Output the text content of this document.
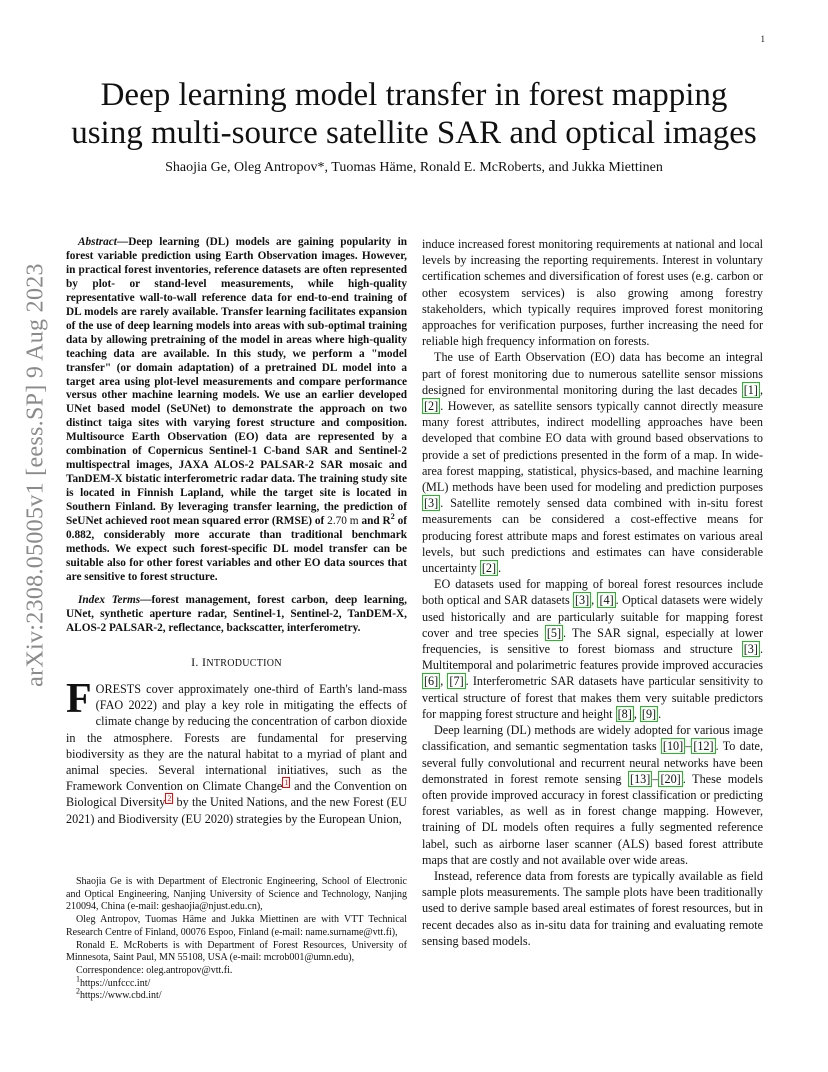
1
arXiv:2308.05005v1 [eess.SP] 9 Aug 2023
Deep learning model transfer in forest mapping
using multi-source satellite SAR and optical images
Shaojia Ge, Oleg Antropov*, Tuomas Häme, Ronald E. McRoberts, and Jukka Miettinen

Abstract—Deep learning (DL) models are gaining popularity in forest variable prediction using Earth Observation images. However, in practical forest inventories, reference datasets are often represented by plot- or stand-level measurements, while high-quality representative wall-to-wall reference data for end-to-end training of DL models are rarely available. Transfer learning facilitates expansion of the use of deep learning models into areas with sub-optimal training data by allowing pretraining of the model in areas where high-quality teaching data are available. In this study, we perform a "model transfer" (or domain adaptation) of a pretrained DL model into a target area using plot-level measurements and compare performance versus other machine learning models. We use an earlier developed UNet based model (SeUNet) to demonstrate the approach on two distinct taiga sites with varying forest structure and composition. Multisource Earth Observation (EO) data are represented by a combination of Copernicus Sentinel-1 C-band SAR and Sentinel-2 multispectral images, JAXA ALOS-2 PALSAR-2 SAR mosaic and TanDEM-X bistatic interferometric radar data. The training study site is located in Finnish Lapland, while the target site is located in Southern Finland. By leveraging transfer learning, the prediction of SeUNet achieved root mean squared error (RMSE) of 2.70 m and $R^2$ of 0.882, considerably more accurate than traditional benchmark methods. We expect such forest-specific DL model transfer can be suitable also for other forest variables and other EO data sources that are sensitive to forest structure.

Index Terms—forest management, forest carbon, deep learning, UNet, synthetic aperture radar, Sentinel-1, Sentinel-2, TanDEM-X, ALOS-2 PALSAR-2, reflectance, backscatter, interferometry.

I. INTRODUCTION

FORESTS cover approximately one-third of Earth's land-mass (FAO 2022) and play a key role in mitigating the effects of climate change by reducing the concentration of carbon dioxide in the atmosphere. Forests are fundamental for preserving biodiversity as they are the natural habitat to a myriad of plant and animal species. Several international initiatives, such as the Framework Convention on Climate Change $^1$ and the Convention on Biological Diversity $^2$ by the United Nations, and the new Forest (EU 2021) and Biodiversity (EU 2020) strategies by the European Union,

Shaojia Ge is with Department of Electronic Engineering, School of Electronic and Optical Engineering, Nanjing University of Science and Technology, Nanjing 210094, China (e-mail: geshaojia@njust.edu.cn),

Oleg Antropov, Tuomas Häme and Jukka Miettinen are with VTT Technical Research Centre of Finland, 00076 Espoo, Finland (e-mail: name.surname@vtt.fi),

Ronald E. McRoberts is with Department of Forest Resources, University of Minnesota, Saint Paul, MN 55108, USA (e-mail: mcrob001@umn.edu),

Correspondence: oleg.antropov@vtt.fi.

$^1$https://unfccc.int/

$^2$https://www.cbd.int/

induce increased forest monitoring requirements at national and local levels by increasing the reporting requirements. Interest in voluntary certification schemes and diversification of forest uses (e.g. carbon or other ecosystem services) is also growing among forestry stakeholders, which typically requires improved forest monitoring approaches for verification purposes, further increasing the need for reliable high frequency information on forests.

The use of Earth Observation (EO) data has become an integral part of forest monitoring due to numerous satellite sensor missions designed for environmental monitoring during the last decades [1] , [2] . However, as satellite sensors typically cannot directly measure many forest attributes, indirect modelling approaches have been developed that combine EO data with ground based observations to provide a set of predictions presented in the form of a map. In wide-area forest mapping, statistical, physics-based, and machine learning (ML) methods have been used for modeling and prediction purposes [3] . Satellite remotely sensed data combined with in-situ forest measurements can be considered a cost-effective means for producing forest attribute maps and forest estimates on various areal levels, but such predictions and estimates can have considerable uncertainty [2] .

EO datasets used for mapping of boreal forest resources include both optical and SAR datasets [3] , [4] . Optical datasets were widely used historically and are particularly suitable for mapping forest cover and tree species [5] . The SAR signal, especially at lower frequencies, is sensitive to forest biomass and structure [3] . Multitemporal and polarimetric features provide improved accuracies [6] , [7] . Interferometric SAR datasets have particular sensitivity to vertical structure of forest that makes them very suitable predictors for mapping forest structure and height [8] , [9] .

Deep learning (DL) methods are widely adopted for various image classification, and semantic segmentation tasks [10] – [12] . To date, several fully convolutional and recurrent neural networks have been demonstrated in forest remote sensing [13] – [20] . These models often provide improved accuracy in forest classification or predicting forest variables, as well as in forest change mapping. However, training of DL models often requires a fully segmented reference label, such as airborne laser scanner (ALS) based forest attribute maps that are costly and not available over wide areas.

Instead, reference data from forests are typically available as field sample plots measurements. The sample plots have been traditionally used to derive sample based areal estimates of forest resources, but in recent decades also as in-situ data for training and evaluating remote sensing based models.
